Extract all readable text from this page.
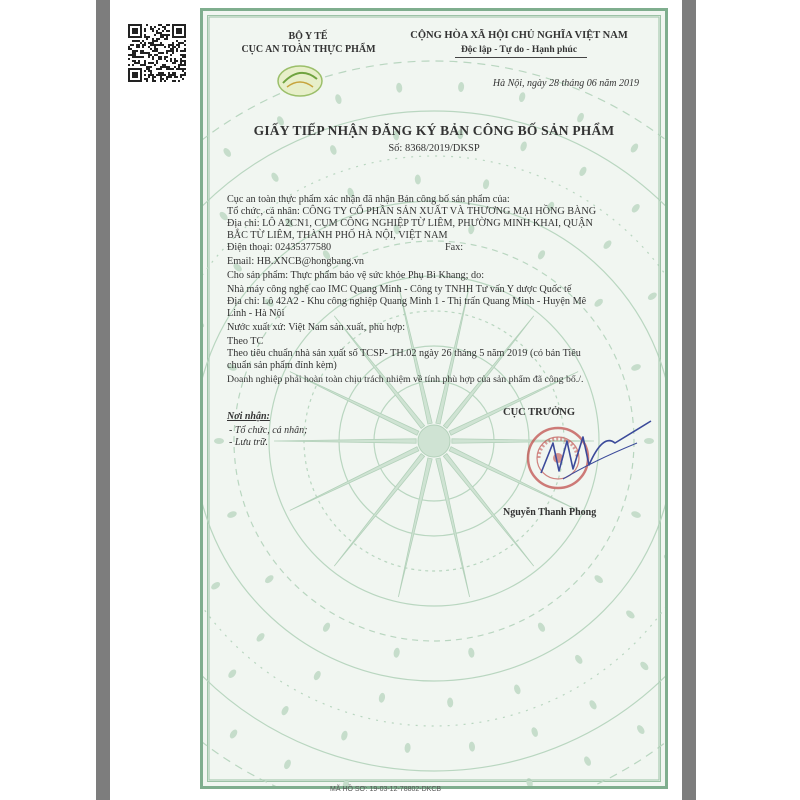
BỘ Y TẾ
CỤC AN TOÀN THỰC PHẨM
CỘNG HÒA XÃ HỘI CHỦ NGHĨA VIỆT NAM
Độc lập - Tự do - Hạnh phúc
Hà Nội, ngày 28 tháng 06 năm 2019
GIẤY TIẾP NHẬN ĐĂNG KÝ BẢN CÔNG BỐ SẢN PHẨM
Số: 8368/2019/DKSP
Cục an toàn thực phẩm xác nhận đã nhận Bản công bố sản phẩm của:
Tổ chức, cá nhân: CÔNG TY CỔ PHẦN SẢN XUẤT VÀ THƯƠNG MẠI HỒNG BÀNG
Địa chỉ: LÔ A2CN1, CỤM CÔNG NGHIỆP TỪ LIÊM, PHƯỜNG MINH KHAI, QUẬN
BẮC TỪ LIÊM, THÀNH PHỐ HÀ NỘI, VIỆT NAM
Điện thoại: 02435377580	Fax:
Email: HB.XNCB@hongbang.vn
Cho sản phẩm: Thực phẩm bảo vệ sức khỏe Phụ Bì Khang; do:
Nhà máy công nghệ cao IMC Quang Minh - Công ty TNHH Tư vấn Y dược Quốc tế
Địa chỉ: Lô 42A2 - Khu công nghiệp Quang Minh 1 - Thị trấn Quang Minh - Huyện Mê
Linh - Hà Nội
Nước xuất xứ: Việt Nam sản xuất, phù hợp:
Theo TC
Theo tiêu chuẩn nhà sản xuất số TCSP- TH.02 ngày 26 tháng 5 năm 2019 (có bản Tiêu
chuẩn sản phẩm đính kèm)
Doanh nghiệp phải hoàn toàn chịu trách nhiệm về tính phù hợp của sản phẩm đã công bố./.
Nơi nhận:
- Tổ chức, cá nhân;
- Lưu trữ.
CỤC TRƯỞNG
Nguyễn Thanh Phong
MÃ HỒ SƠ: 19-03-12-78802-DKCB
